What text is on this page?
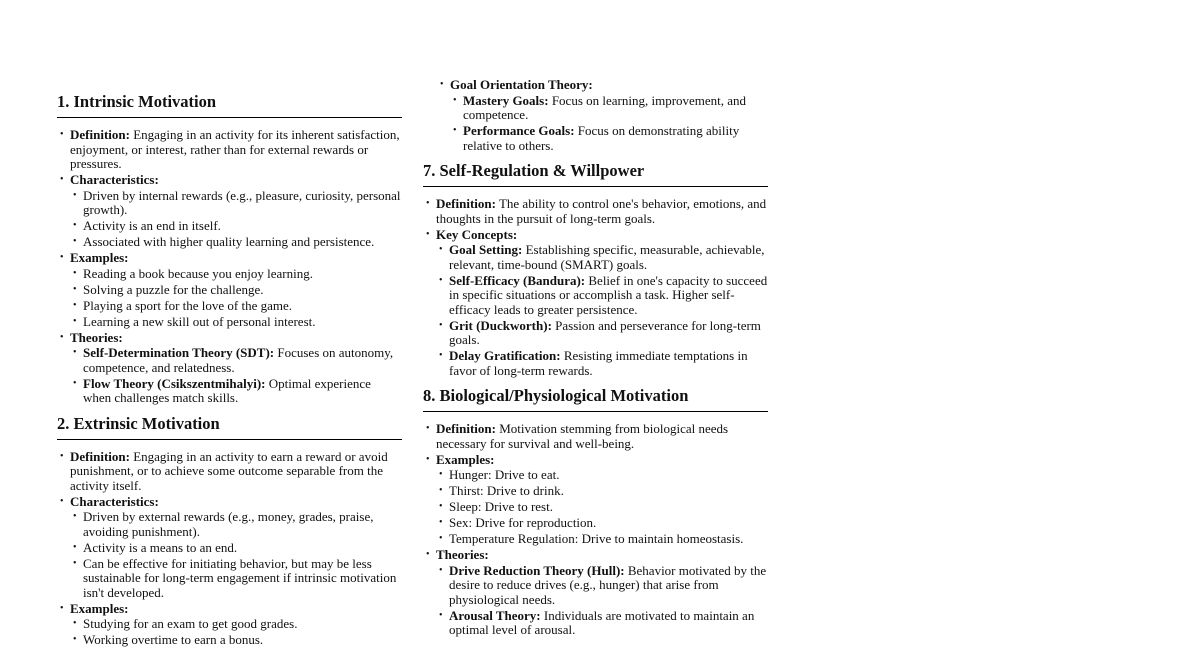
1. Intrinsic Motivation
• Definition: Engaging in an activity for its inherent satisfaction, enjoyment, or interest, rather than for external rewards or pressures.
• Characteristics:
• Driven by internal rewards (e.g., pleasure, curiosity, personal growth).
• Activity is an end in itself.
• Associated with higher quality learning and persistence.
• Examples:
• Reading a book because you enjoy learning.
• Solving a puzzle for the challenge.
• Playing a sport for the love of the game.
• Learning a new skill out of personal interest.
• Theories:
• Self-Determination Theory (SDT): Focuses on autonomy, competence, and relatedness.
• Flow Theory (Csikszentmihalyi): Optimal experience when challenges match skills.
2. Extrinsic Motivation
• Definition: Engaging in an activity to earn a reward or avoid punishment, or to achieve some outcome separable from the activity itself.
• Characteristics:
• Driven by external rewards (e.g., money, grades, praise, avoiding punishment).
• Activity is a means to an end.
• Can be effective for initiating behavior, but may be less sustainable for long-term engagement if intrinsic motivation isn't developed.
• Examples:
• Studying for an exam to get good grades.
• Working overtime to earn a bonus.
• Goal Orientation Theory:
• Mastery Goals: Focus on learning, improvement, and competence.
• Performance Goals: Focus on demonstrating ability relative to others.
7. Self-Regulation & Willpower
• Definition: The ability to control one's behavior, emotions, and thoughts in the pursuit of long-term goals.
• Key Concepts:
• Goal Setting: Establishing specific, measurable, achievable, relevant, time-bound (SMART) goals.
• Self-Efficacy (Bandura): Belief in one's capacity to succeed in specific situations or accomplish a task. Higher self-efficacy leads to greater persistence.
• Grit (Duckworth): Passion and perseverance for long-term goals.
• Delay Gratification: Resisting immediate temptations in favor of long-term rewards.
8. Biological/Physiological Motivation
• Definition: Motivation stemming from biological needs necessary for survival and well-being.
• Examples:
• Hunger: Drive to eat.
• Thirst: Drive to drink.
• Sleep: Drive to rest.
• Sex: Drive for reproduction.
• Temperature Regulation: Drive to maintain homeostasis.
• Theories:
• Drive Reduction Theory (Hull): Behavior motivated by the desire to reduce drives (e.g., hunger) that arise from physiological needs.
• Arousal Theory: Individuals are motivated to maintain an optimal level of arousal.
